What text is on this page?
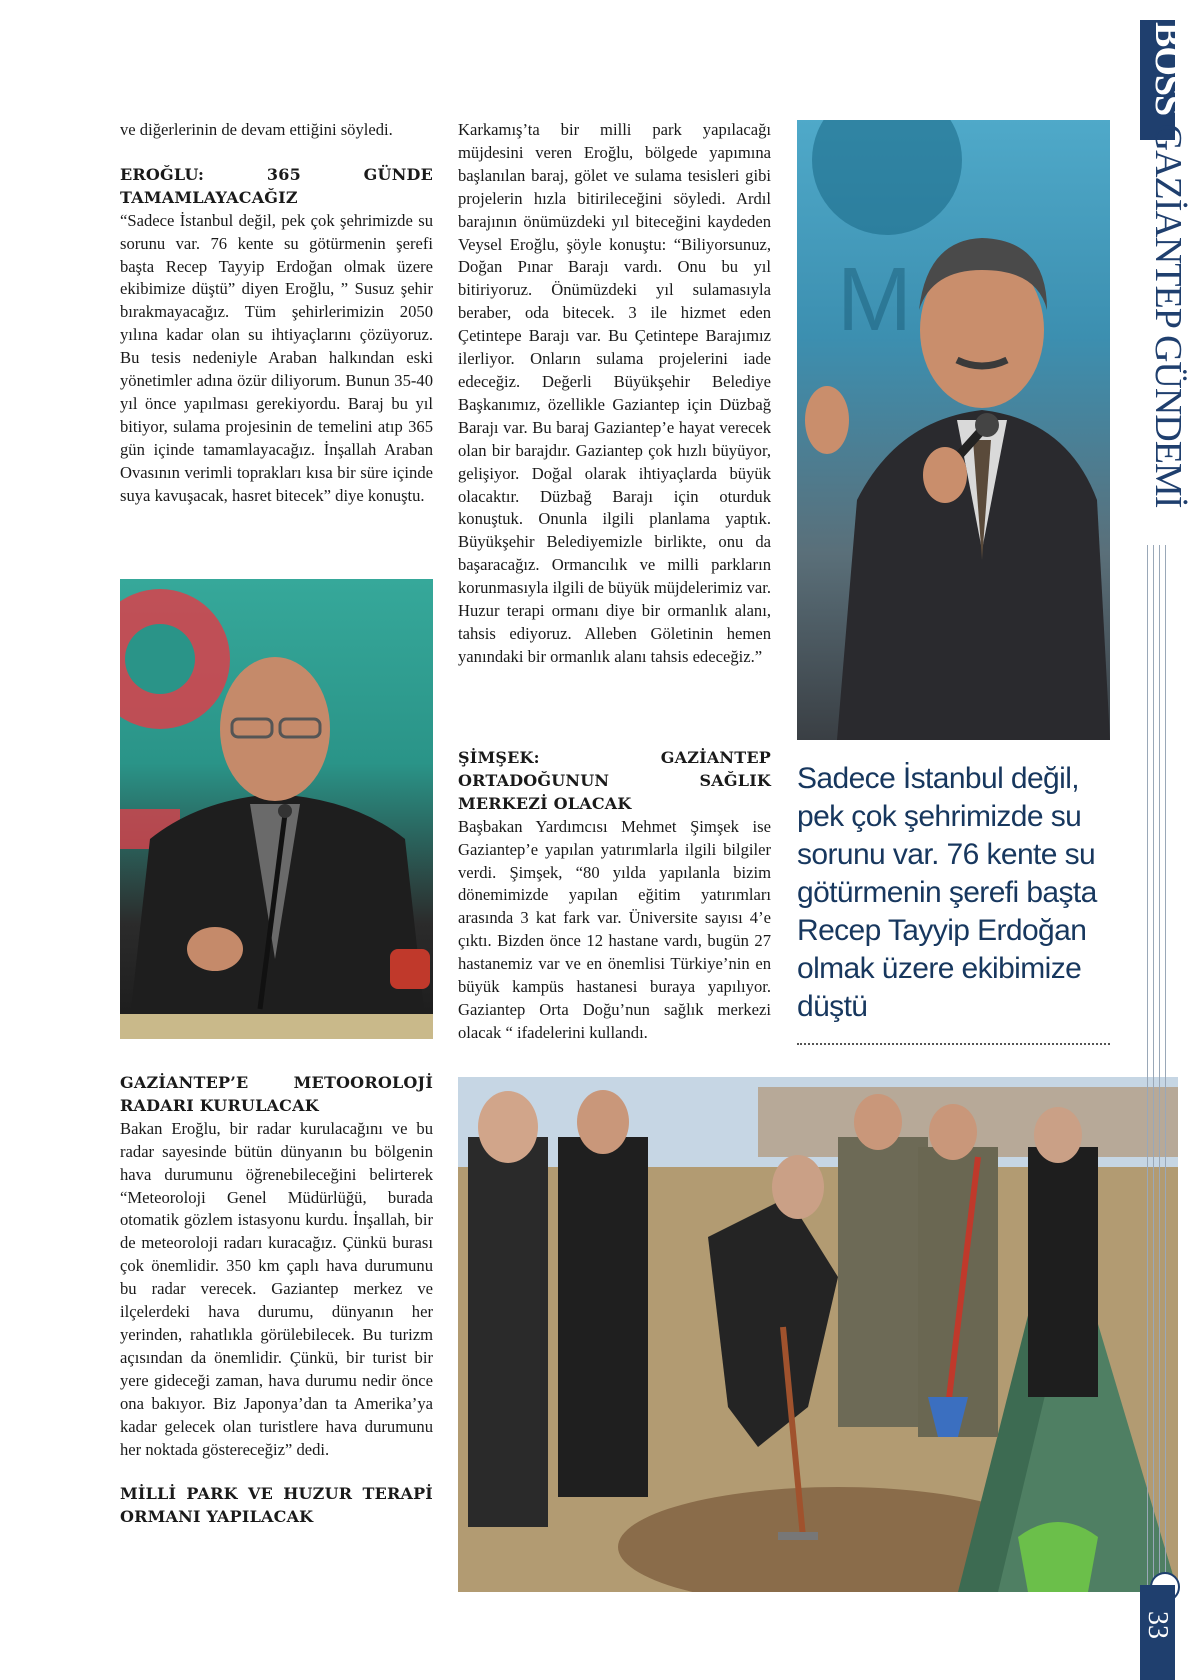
ve diğerlerinin de devam ettiğini söyledi.

EROĞLU: 365 GÜNDE TAMAMLAYACAĞIZ

“Sadece İstanbul değil, pek çok şehrimizde su sorunu var. 76 kente su götürmenin şerefi başta Recep Tayyip Erdoğan olmak üzere ekibimize düştü” diyen Eroğlu, ” Susuz şehir bırakmayacağız. Tüm şehirlerimizin 2050 yılına kadar olan su ihtiyaçlarını çözüyoruz. Bu tesis nedeniyle Araban halkından eski yönetimler adına özür diliyorum. Bunun 35-40 yıl önce yapılması gerekiyordu. Baraj bu yıl bitiyor, sulama projesinin de temelini atıp 365 gün içinde tamamlayacağız. İnşallah Araban Ovasının verimli toprakları kısa bir süre içinde suya kavuşacak, hasret bitecek” diye konuştu.

Karkamış’ta bir milli park yapılacağı müjdesini veren Eroğlu, bölgede yapımına başlanılan baraj, gölet ve sulama tesisleri gibi projelerin hızla bitirileceğini söyledi. Ardıl barajının önümüzdeki yıl biteceğini kaydeden Veysel Eroğlu, şöyle konuştu: “Biliyorsunuz, Doğan Pınar Barajı vardı. Onu bu yıl bitiriyoruz. Önümüzdeki yıl sulamasıyla beraber, oda bitecek. 3 ile hizmet eden Çetintepe Barajı var. Bu Çetintepe Barajımız ilerliyor. Onların sulama projelerini iade edeceğiz. Değerli Büyükşehir Belediye Başkanımız, özellikle Gaziantep için Düzbağ Barajı var. Bu baraj Gaziantep’e hayat verecek olan bir barajdır. Gaziantep çok hızlı büyüyor, gelişiyor. Doğal olarak ihtiyaçlarda büyük olacaktır. Düzbağ Barajı için oturduk konuştuk. Onunla ilgili planlama yaptık. Büyükşehir Belediyemizle birlikte, onu da başaracağız. Ormancılık ve milli parkların korunmasıyla ilgili de büyük müjdelerimiz var. Huzur terapi ormanı diye bir ormanlık alanı, tahsis ediyoruz. Alleben Göletinin hemen yanındaki bir ormanlık alanı tahsis edeceğiz.”

ŞİMŞEK: GAZİANTEP ORTADOĞUNUN SAĞLIK MERKEZİ OLACAK

Başbakan Yardımcısı Mehmet Şimşek ise Gaziantep’e yapılan yatırımlarla ilgili bilgiler verdi. Şimşek, “80 yılda yapılanla bizim dönemimizde yapılan eğitim yatırımları arasında 3 kat fark var. Üniversite sayısı 4’e çıktı. Bizden önce 12 hastane vardı, bugün 27 hastanemiz var ve en önemlisi Türkiye’nin en büyük kampüs hastanesi buraya yapılıyor. Gaziantep Orta Doğu’nun sağlık merkezi olacak “ ifadelerini kullandı.

GAZİANTEP’E METOOROLOJİ RADARI KURULACAK

Bakan Eroğlu, bir radar kurulacağını ve bu radar sayesinde bütün dünyanın bu bölgenin hava durumunu öğrenebileceğini belirterek “Meteoroloji Genel Müdürlüğü, burada otomatik gözlem istasyonu kurdu. İnşallah, bir de meteoroloji radarı kuracağız. Çünkü burası çok önemlidir. 350 km çaplı hava durumunu bu radar verecek. Gaziantep merkez ve ilçelerdeki hava durumu, dünyanın her yerinden, rahatlıkla görülebilecek. Bu turizm açısından da önemlidir. Çünkü, bir turist bir yere gideceği zaman, hava durumu nedir önce ona bakıyor. Biz Japonya’dan ta Amerika’ya kadar gelecek olan turistlere hava durumunu her noktada göstereceğiz” dedi.

MİLLİ PARK VE HUZUR TERAPİ ORMANI YAPILACAK

M

Sadece İstanbul değil, pek çok şehrimizde su sorunu var. 76 kente su götürmenin şerefi başta Recep Tayyip Erdoğan olmak üzere ekibimize düştü

BOSS GAZİANTEP GÜNDEMİ
33
